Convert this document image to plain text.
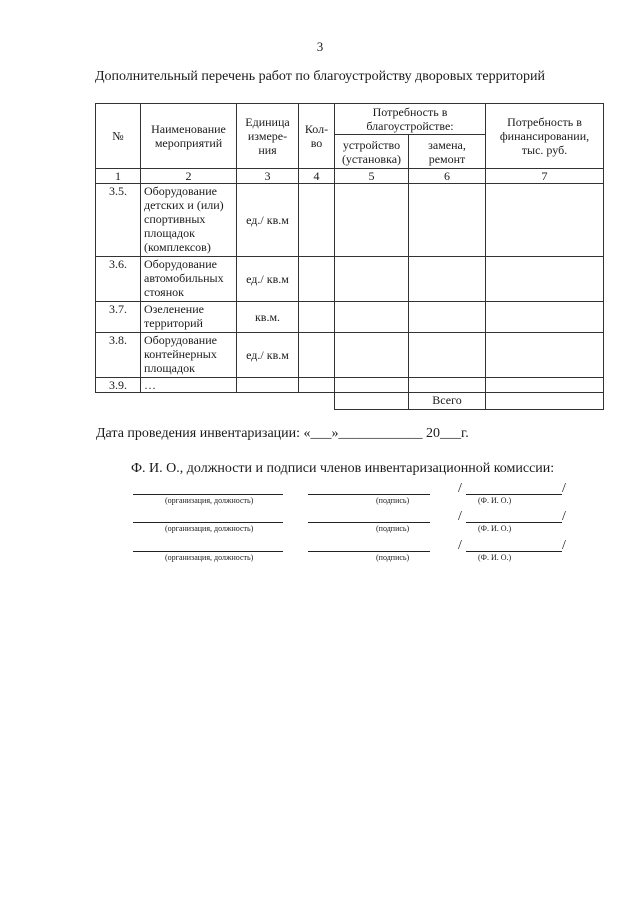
3
Дополнительный перечень работ по благоустройству дворовых территорий
№	Наименование мероприятий	Единица измере-ния	Кол-во	Потребность в благоустройстве:		Потребность в финансировании, тыс. руб.
				устройство (установка)	замена, ремонт	
1	2	3	4	5	6	7
3.5.	Оборудование детских и (или) спортивных площадок (комплексов)	ед./ кв.м				
3.6.	Оборудование автомобильных стоянок	ед./ кв.м				
3.7.	Озеленение территорий	кв.м.				
3.8.	Оборудование контейнерных площадок	ед./ кв.м				
3.9.	…					
					Всего	
Дата проведения инвентаризации: «___»____________ 20___г.
Ф. И. О., должности и подписи членов инвентаризационной комиссии:
(организация, должность)	(подпись)
/	/
(Ф. И. О.)
(организация, должность)	(подпись)
/	/
(Ф. И. О.)
(организация, должность)	(подпись)
/	/
(Ф. И. О.)
